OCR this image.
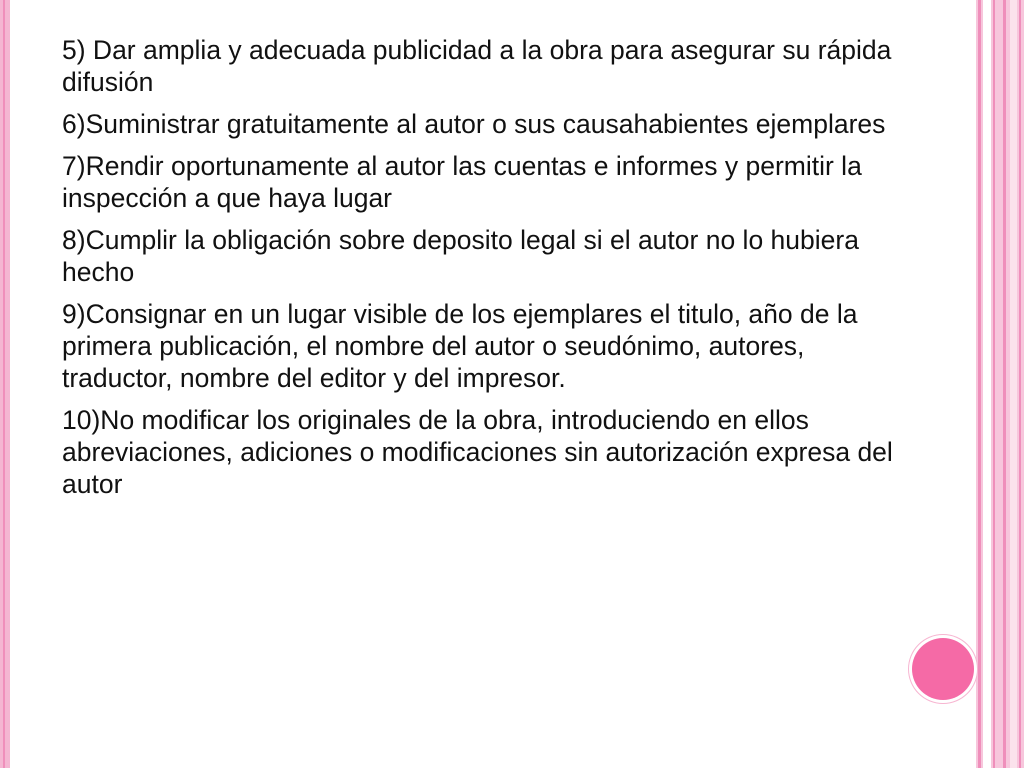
5) Dar amplia y adecuada publicidad a la obra para asegurar su rápida difusión

6)Suministrar gratuitamente al autor o sus causahabientes ejemplares

7)Rendir oportunamente al autor las cuentas e informes y permitir la inspección a que haya lugar

8)Cumplir la obligación sobre deposito legal si el autor no lo hubiera hecho

9)Consignar en un lugar visible de los ejemplares el titulo, año de la primera publicación, el nombre del autor o seudónimo, autores, traductor, nombre del editor y del impresor.

10)No modificar los originales de la obra, introduciendo en ellos abreviaciones, adiciones o modificaciones sin autorización expresa del autor
